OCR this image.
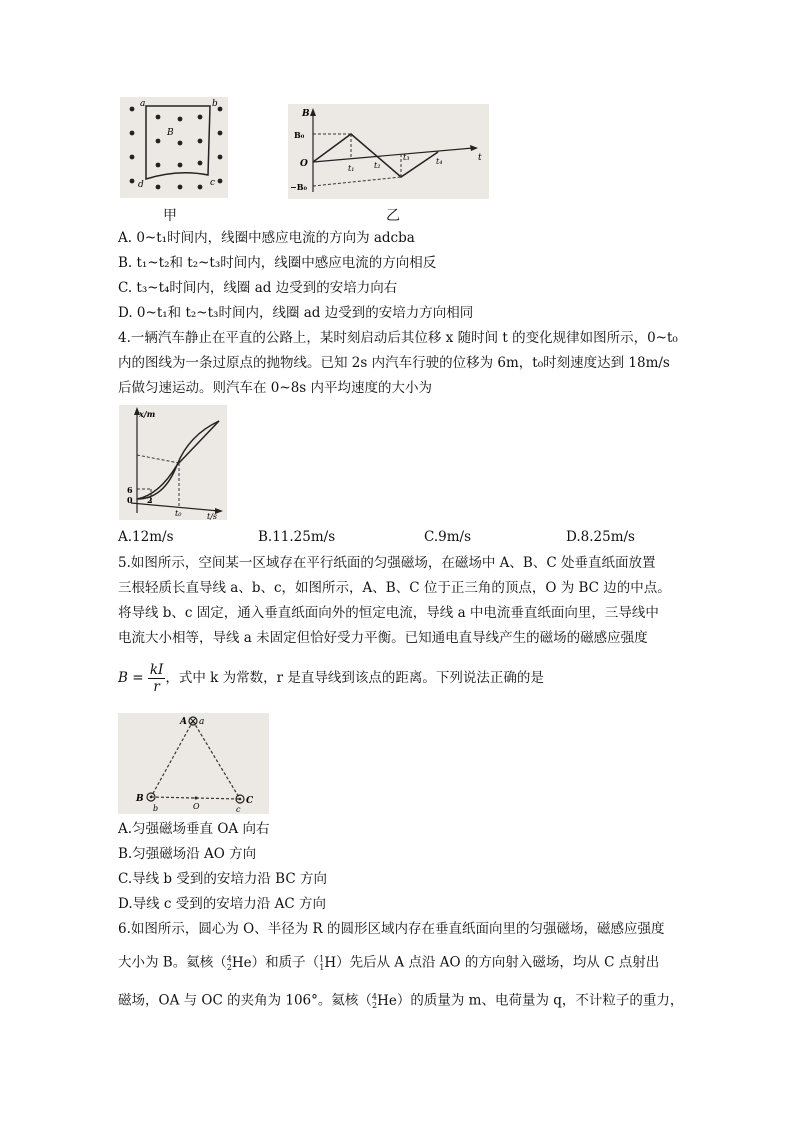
a	b
c
d
B
甲
B
B₀
O
−B₀
t
t₁ t₂
t₃	t₄
乙
A. 0~t₁时间内，线圈中感应电流的方向为 adcba
B. t₁~t₂和 t₂~t₃时间内，线圈中感应电流的方向相反
C. t₃~t₄时间内，线圈 ad 边受到的安培力向右
D. 0~t₁和 t₂~t₃时间内，线圈 ad 边受到的安培力方向相同
4.一辆汽车静止在平直的公路上，某时刻启动后其位移 x 随时间 t 的变化规律如图所示，0~t₀
内的图线为一条过原点的抛物线。已知 2s 内汽车行驶的位移为 6m，t₀时刻速度达到 18m/s
后做匀速运动。则汽车在 0~8s 内平均速度的大小为
x/m
6
0 2
t₀	t/s
A.12m/s	B.11.25m/s	C.9m/s	D.8.25m/s
5.如图所示，空间某一区域存在平行纸面的匀强磁场，在磁场中 A、B、C 处垂直纸面放置
三根轻质长直导线 a、b、c，如图所示，A、B、C 位于正三角的顶点，O 为 BC 边的中点。
将导线 b、c 固定，通入垂直纸面向外的恒定电流，导线 a 中电流垂直纸面向里，三导线中
电流大小相等，导线 a 未固定但恰好受力平衡。已知通电直导线产生的磁场的磁感应强度
$B = \frac{kI}{r}$ ，式中 k 为常数，r 是直导线到该点的距离。下列说法正确的是
A a
B
b
C
c
O
A.匀强磁场垂直 OA 向右
B.匀强磁场沿 AO 方向
C.导线 b 受到的安培力沿 BC 方向
D.导线 c 受到的安培力沿 AC 方向
6.如图所示，圆心为 O、半径为 R 的圆形区域内存在垂直纸面向里的匀强磁场，磁感应强度
大小为 B。氦核（$^4_2$He）和质子（$^1_1$H）先后从 A 点沿 AO 的方向射入磁场，均从 C 点射出
磁场，OA 与 OC 的夹角为 106°。氦核（$^4_2$He）的质量为 m、电荷量为 q，不计粒子的重力，
